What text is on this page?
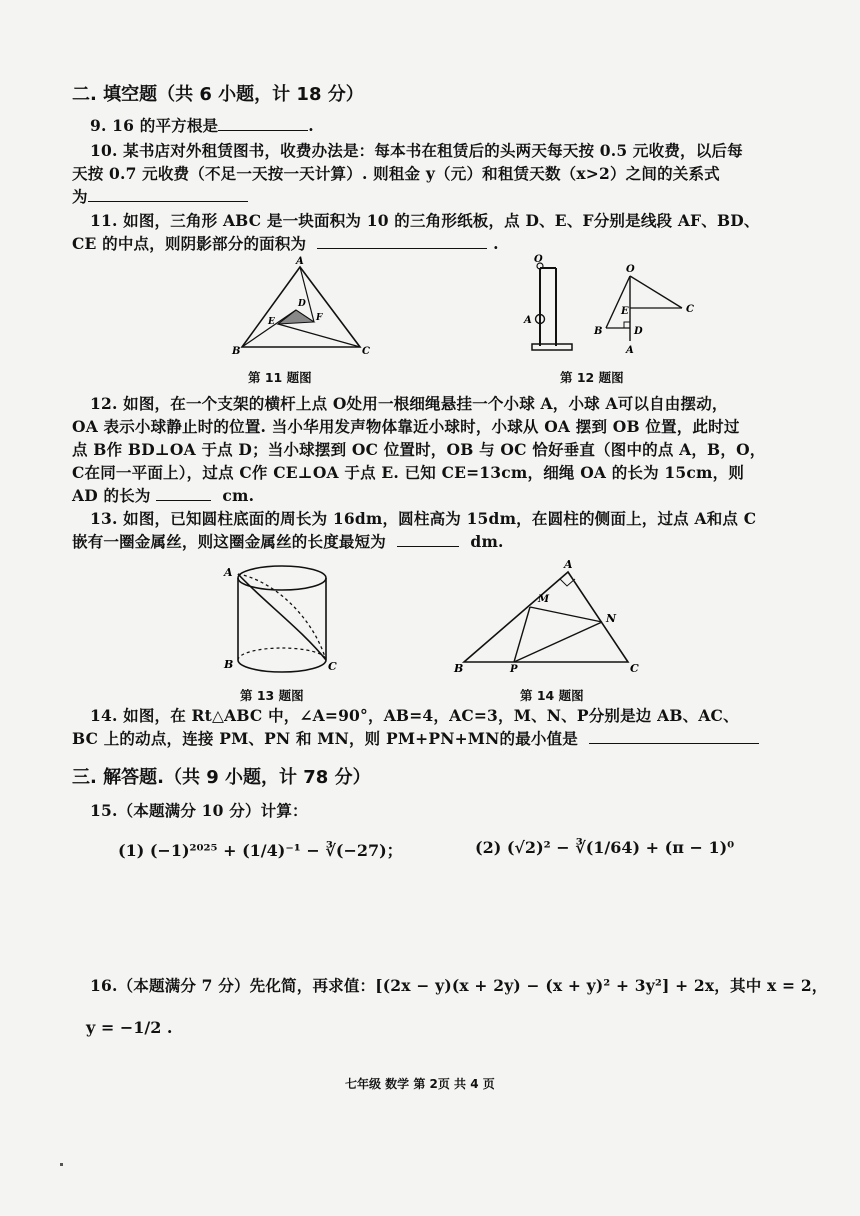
二. 填空题（共 6 小题，计 18 分）
9. 16 的平方根是	.
10. 某书店对外租赁图书，收费办法是：每本书在租赁后的头两天每天按 0.5 元收费，以后每
天按 0.7 元收费（不足一天按一天计算）. 则租金 y（元）和租赁天数（x>2）之间的关系式
为
11. 如图，三角形 ABC 是一块面积为 10 的三角形纸板，点 D、E、F分别是线段 AF、BD、
CE 的中点，则阴影部分的面积为	.
A
B	C
D
E	F
第 11 题图
O
A
O
A
B
C
D
E
第 12 题图
12. 如图，在一个支架的横杆上点 O处用一根细绳悬挂一个小球 A，小球 A可以自由摆动，
OA 表示小球静止时的位置. 当小华用发声物体靠近小球时，小球从 OA 摆到 OB 位置，此时过
点 B作 BD⊥OA 于点 D；当小球摆到 OC 位置时，OB 与 OC 恰好垂直（图中的点 A，B，O，
C在同一平面上），过点 C作 CE⊥OA 于点 E. 已知 CE=13cm，细绳 OA 的长为 15cm，则
AD 的长为	cm.
13. 如图，已知圆柱底面的周长为 16dm，圆柱高为 15dm，在圆柱的侧面上，过点 A和点 C
嵌有一圈金属丝，则这圈金属丝的长度最短为	dm.
A
B	C
第 13 题图
A
B	C
M
N
P
第 14 题图
14. 如图，在 Rt△ABC 中，∠A=90°，AB=4，AC=3，M、N、P分别是边 AB、AC、
BC 上的动点，连接 PM、PN 和 MN，则 PM+PN+MN的最小值是
三. 解答题.（共 9 小题，计 78 分）
15.（本题满分 10 分）计算：
(1) (−1)²⁰²⁵ + (1/4)⁻¹ − ∛(−27)；	(2) (√2)² − ∛(1/64) + (π − 1)⁰
16.（本题满分 7 分）先化简，再求值：[(2x − y)(x + 2y) − (x + y)² + 3y²] + 2x，其中 x = 2，
y = −1/2 .
七年级 数学 第 2页 共 4 页
